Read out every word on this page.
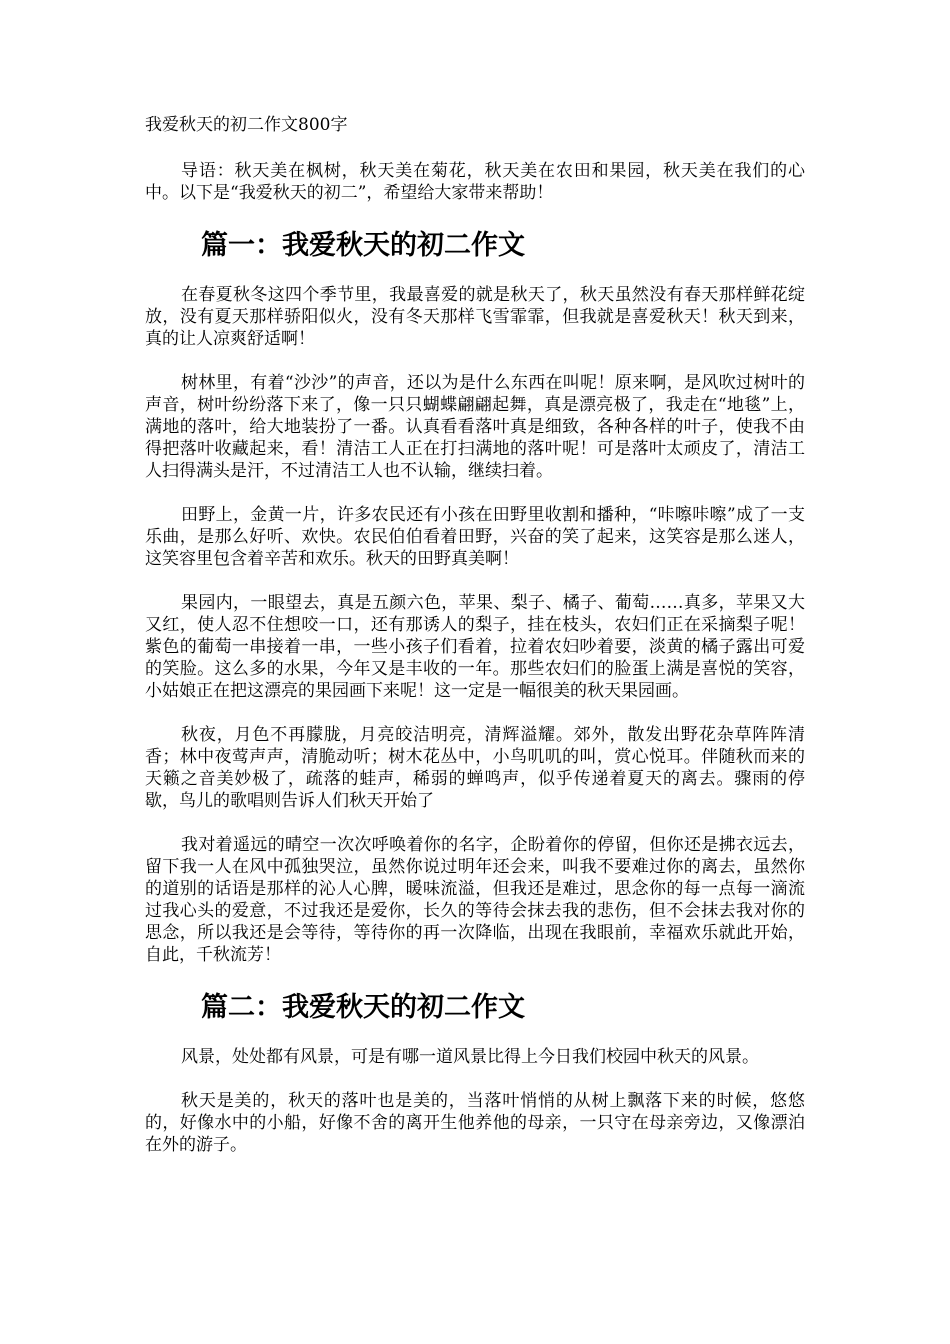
我爱秋天的初二作文800字

导语：秋天美在枫树，秋天美在菊花，秋天美在农田和果园，秋天美在我们的心中。以下是“我爱秋天的初二”，希望给大家带来帮助！

篇一：我爱秋天的初二作文

在春夏秋冬这四个季节里，我最喜爱的就是秋天了，秋天虽然没有春天那样鲜花绽放，没有夏天那样骄阳似火，没有冬天那样飞雪霏霏，但我就是喜爱秋天！秋天到来，真的让人凉爽舒适啊！

树林里，有着“沙沙”的声音，还以为是什么东西在叫呢！原来啊，是风吹过树叶的声音，树叶纷纷落下来了，像一只只蝴蝶翩翩起舞，真是漂亮极了，我走在“地毯”上，满地的落叶，给大地装扮了一番。认真看看落叶真是细致，各种各样的叶子，使我不由得把落叶收藏起来，看！清洁工人正在打扫满地的落叶呢！可是落叶太顽皮了，清洁工人扫得满头是汗，不过清洁工人也不认输，继续扫着。

田野上，金黄一片，许多农民还有小孩在田野里收割和播种，“咔嚓咔嚓”成了一支乐曲，是那么好听、欢快。农民伯伯看着田野，兴奋的笑了起来，这笑容是那么迷人，这笑容里包含着辛苦和欢乐。秋天的田野真美啊！

果园内，一眼望去，真是五颜六色，苹果、梨子、橘子、葡萄……真多，苹果又大又红，使人忍不住想咬一口，还有那诱人的梨子，挂在枝头，农妇们正在采摘梨子呢！紫色的葡萄一串接着一串，一些小孩子们看着，拉着农妇吵着要，淡黄的橘子露出可爱的笑脸。这么多的水果，今年又是丰收的一年。那些农妇们的脸蛋上满是喜悦的笑容，小姑娘正在把这漂亮的果园画下来呢！这一定是一幅很美的秋天果园画。

秋夜，月色不再朦胧，月亮皎洁明亮，清辉溢耀。郊外，散发出野花杂草阵阵清香；林中夜莺声声，清脆动听；树木花丛中，小鸟叽叽的叫，赏心悦耳。伴随秋而来的天籁之音美妙极了，疏落的蛙声，稀弱的蝉鸣声，似乎传递着夏天的离去。骤雨的停歇，鸟儿的歌唱则告诉人们秋天开始了

我对着遥远的晴空一次次呼唤着你的名字，企盼着你的停留，但你还是拂衣远去，留下我一人在风中孤独哭泣，虽然你说过明年还会来，叫我不要难过你的离去，虽然你的道别的话语是那样的沁人心脾，暖味流溢，但我还是难过，思念你的每一点每一滴流过我心头的爱意，不过我还是爱你，长久的等待会抹去我的悲伤，但不会抹去我对你的思念，所以我还是会等待，等待你的再一次降临，出现在我眼前，幸福欢乐就此开始，自此，千秋流芳！

篇二：我爱秋天的初二作文

风景，处处都有风景，可是有哪一道风景比得上今日我们校园中秋天的风景。

秋天是美的，秋天的落叶也是美的，当落叶悄悄的从树上飘落下来的时候，悠悠的，好像水中的小船，好像不舍的离开生他养他的母亲，一只守在母亲旁边，又像漂泊在外的游子。
